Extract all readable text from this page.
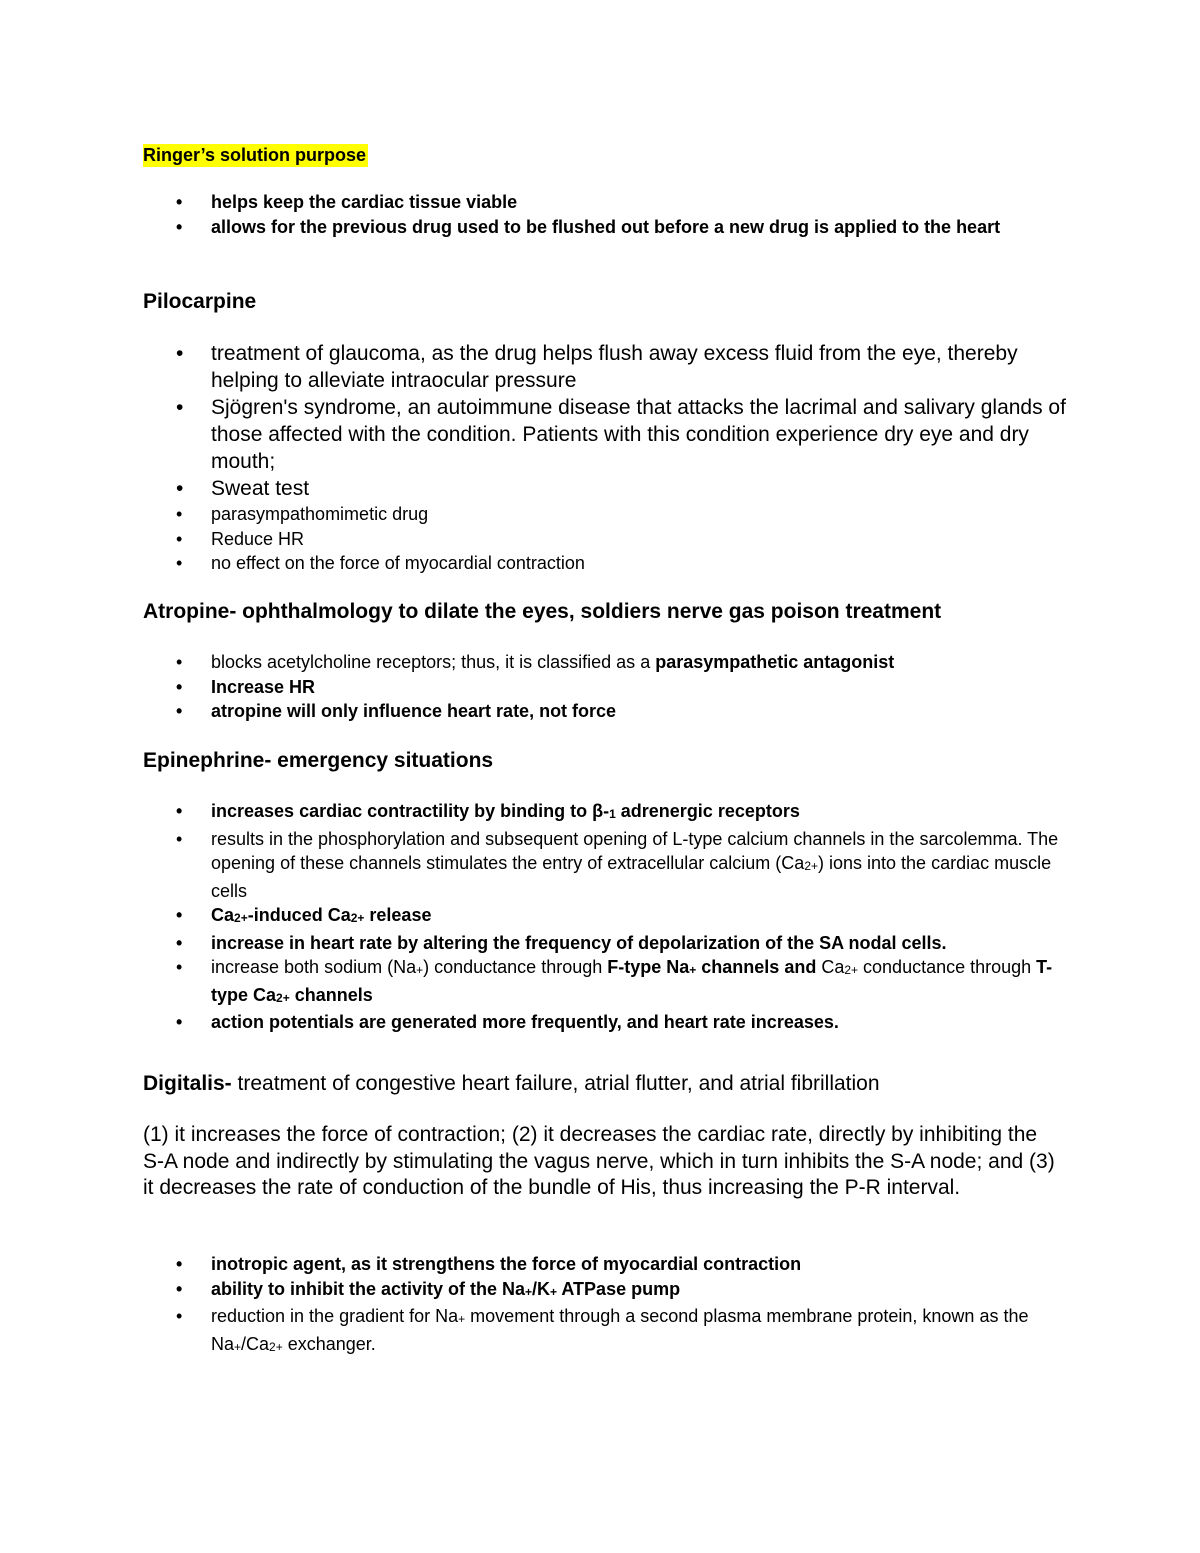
Ringer’s solution purpose
• helps keep the cardiac tissue viable
• allows for the previous drug used to be flushed out before a new drug is applied to the heart
Pilocarpine
• treatment of glaucoma, as the drug helps flush away excess fluid from the eye, thereby helping to alleviate intraocular pressure
• Sjögren's syndrome, an autoimmune disease that attacks the lacrimal and salivary glands of those affected with the condition. Patients with this condition experience dry eye and dry mouth;
• Sweat test
• parasympathomimetic drug
• Reduce HR
• no effect on the force of myocardial contraction
Atropine- ophthalmology to dilate the eyes, soldiers nerve gas poison treatment
• blocks acetylcholine receptors; thus, it is classified as a parasympathetic antagonist
• Increase HR
• atropine will only influence heart rate, not force
Epinephrine- emergency situations
• increases cardiac contractility by binding to β-1 adrenergic receptors
• results in the phosphorylation and subsequent opening of L-type calcium channels in the sarcolemma. The opening of these channels stimulates the entry of extracellular calcium (Ca2+) ions into the cardiac muscle cells
• Ca2+-induced Ca2+ release
• increase in heart rate by altering the frequency of depolarization of the SA nodal cells.
• increase both sodium (Na+) conductance through F-type Na+ channels and Ca2+ conductance through T-type Ca2+ channels
• action potentials are generated more frequently, and heart rate increases.
Digitalis- treatment of congestive heart failure, atrial flutter, and atrial fibrillation

(1) it increases the force of contraction; (2) it decreases the cardiac rate, directly by inhibiting the S-A node and indirectly by stimulating the vagus nerve, which in turn inhibits the S-A node; and (3) it decreases the rate of conduction of the bundle of His, thus increasing the P-R interval.

• inotropic agent, as it strengthens the force of myocardial contraction
• ability to inhibit the activity of the Na+/K+ ATPase pump
• reduction in the gradient for Na+ movement through a second plasma membrane protein, known as the Na+/Ca2+ exchanger.
